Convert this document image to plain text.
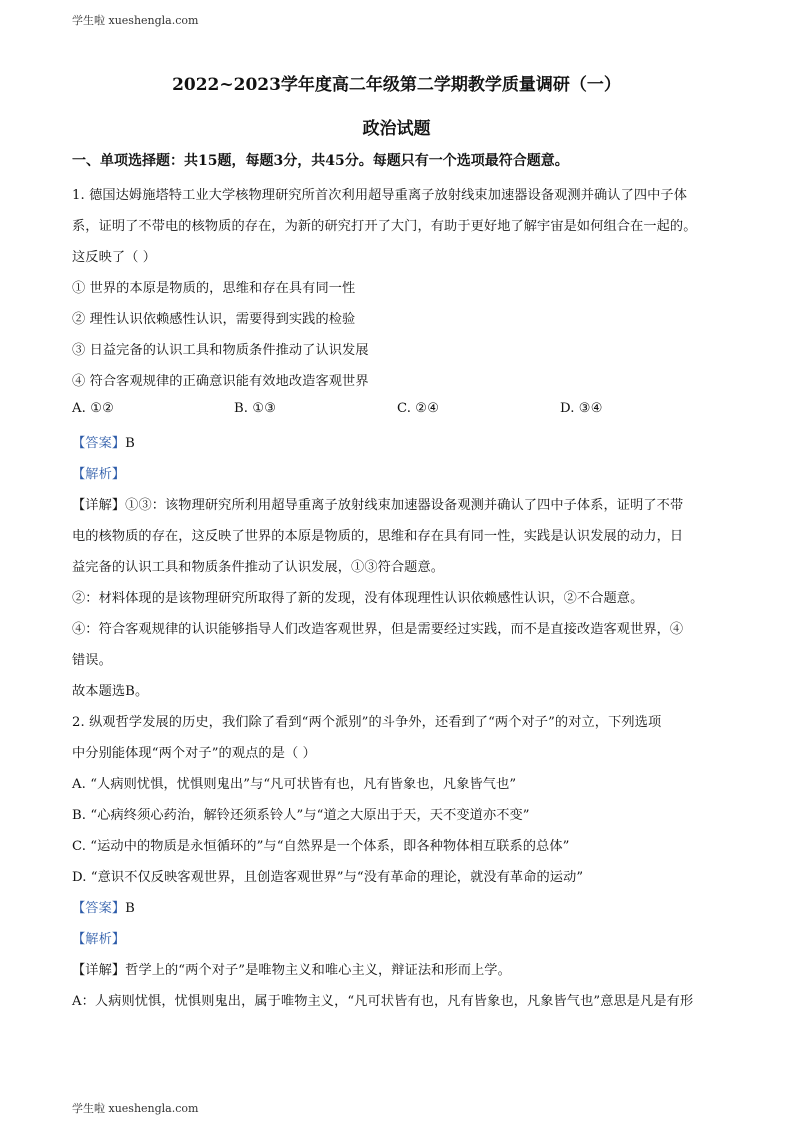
学生啦 xueshengla.com
学生啦 xueshengla.com
2022~2023学年度高二年级第二学期教学质量调研（一）
政治试题
一、单项选择题：共15题，每题3分，共45分。每题只有一个选项最符合题意。
1. 德国达姆施塔特工业大学核物理研究所首次利用超导重离子放射线束加速器设备观测并确认了四中子体
系，证明了不带电的核物质的存在，为新的研究打开了大门，有助于更好地了解宇宙是如何组合在一起的。
这反映了（ ）
① 世界的本原是物质的，思维和存在具有同一性
② 理性认识依赖感性认识，需要得到实践的检验
③ 日益完备的认识工具和物质条件推动了认识发展
④ 符合客观规律的正确意识能有效地改造客观世界
A. ①②	B. ①③	C. ②④	D. ③④
【答案】B
【解析】
【详解】①③：该物理研究所利用超导重离子放射线束加速器设备观测并确认了四中子体系，证明了不带
电的核物质的存在，这反映了世界的本原是物质的，思维和存在具有同一性，实践是认识发展的动力，日
益完备的认识工具和物质条件推动了认识发展，①③符合题意。
②：材料体现的是该物理研究所取得了新的发现，没有体现理性认识依赖感性认识，②不合题意。
④：符合客观规律的认识能够指导人们改造客观世界，但是需要经过实践，而不是直接改造客观世界，④
错误。
故本题选B。
2. 纵观哲学发展的历史，我们除了看到“两个派别”的斗争外，还看到了“两个对子”的对立，下列选项
中分别能体现“两个对子”的观点的是（ ）
A. “人病则忧惧，忧惧则鬼出”与“凡可状皆有也，凡有皆象也，凡象皆气也”
B. “心病终须心药治，解铃还须系铃人”与“道之大原出于天，天不变道亦不变”
C. “运动中的物质是永恒循环的”与“自然界是一个体系，即各种物体相互联系的总体”
D. “意识不仅反映客观世界，且创造客观世界”与“没有革命的理论，就没有革命的运动”
【答案】B
【解析】
【详解】哲学上的“两个对子”是唯物主义和唯心主义，辩证法和形而上学。
A：人病则忧惧，忧惧则鬼出，属于唯物主义，“凡可状皆有也，凡有皆象也，凡象皆气也”意思是凡是有形
